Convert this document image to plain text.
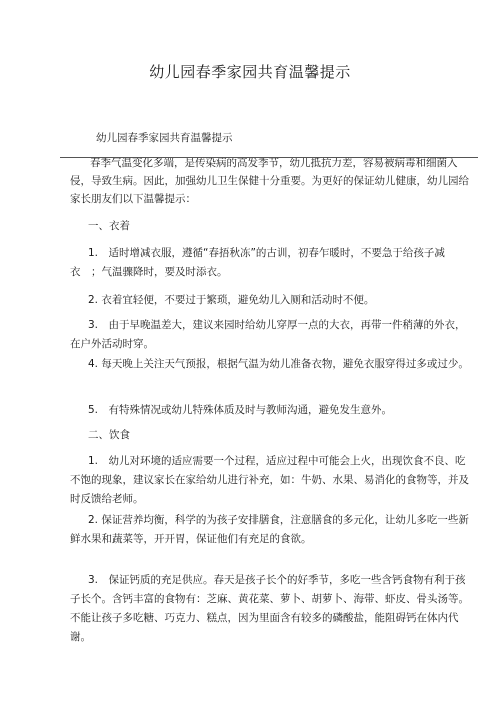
幼儿园春季家园共育温馨提示
幼儿园春季家园共育温馨提示
春季气温变化多端，是传染病的高发季节，幼儿抵抗力差，容易被病毒和细菌入侵，导致生病。因此，加强幼儿卫生保健十分重要。为更好的保证幼儿健康，幼儿园给家长朋友们以下温馨提示：
一、衣着
1.　适时增减衣服，遵循“春捂秋冻”的古训，初春乍暖时，不要急于给孩子减衣　；气温骤降时，要及时添衣。
2. 衣着宜轻便，不要过于繁琐，避免幼儿入厕和活动时不便。
3.　由于早晚温差大，建议来园时给幼儿穿厚一点的大衣，再带一件稍薄的外衣，在户外活动时穿。
4. 每天晚上关注天气预报，根据气温为幼儿准备衣物，避免衣服穿得过多或过少。
5.　有特殊情况或幼儿特殊体质及时与教师沟通，避免发生意外。
二、饮食
1.　幼儿对环境的适应需要一个过程，适应过程中可能会上火，出现饮食不良、吃不饱的现象，建议家长在家给幼儿进行补充，如：牛奶、水果、易消化的食物等，并及时反馈给老师。
2. 保证营养均衡，科学的为孩子安排膳食，注意膳食的多元化，让幼儿多吃一些新鲜水果和蔬菜等，开开胃，保证他们有充足的食欲。
3.　保证钙质的充足供应。春天是孩子长个的好季节，多吃一些含钙食物有利于孩子长个。含钙丰富的食物有：芝麻、黄花菜、萝卜、胡萝卜、海带、虾皮、骨头汤等。不能让孩子多吃糖、巧克力、糕点，因为里面含有较多的磷酸盐，能阻碍钙在体内代谢。
